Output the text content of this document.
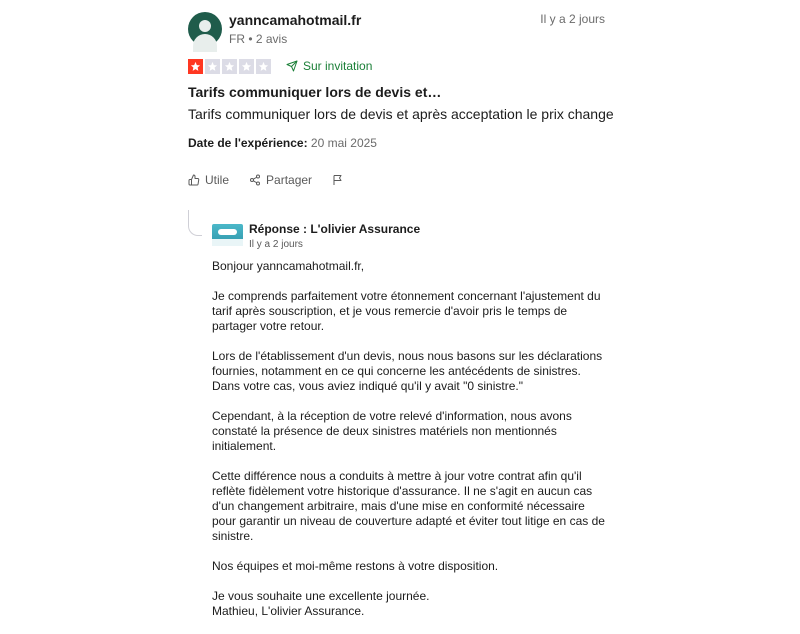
yanncamahotmail.fr
FR • 2 avis
Il y a 2 jours
Sur invitation
Tarifs communiquer lors de devis et…
Tarifs communiquer lors de devis et après acceptation le prix change
Date de l'expérience: 20 mai 2025
Utile	Partager
Réponse : L'olivier Assurance
Il y a 2 jours

Bonjour yanncamahotmail.fr,

Je comprends parfaitement votre étonnement concernant l'ajustement du tarif après souscription, et je vous remercie d'avoir pris le temps de partager votre retour.

Lors de l'établissement d'un devis, nous nous basons sur les déclarations fournies, notamment en ce qui concerne les antécédents de sinistres. Dans votre cas, vous aviez indiqué qu'il y avait "0 sinistre."

Cependant, à la réception de votre relevé d'information, nous avons constaté la présence de deux sinistres matériels non mentionnés initialement.

Cette différence nous a conduits à mettre à jour votre contrat afin qu'il reflète fidèlement votre historique d'assurance. Il ne s'agit en aucun cas d'un changement arbitraire, mais d'une mise en conformité nécessaire pour garantir un niveau de couverture adapté et éviter tout litige en cas de sinistre.

Nos équipes et moi-même restons à votre disposition.

Je vous souhaite une excellente journée.
Mathieu, L'olivier Assurance.
